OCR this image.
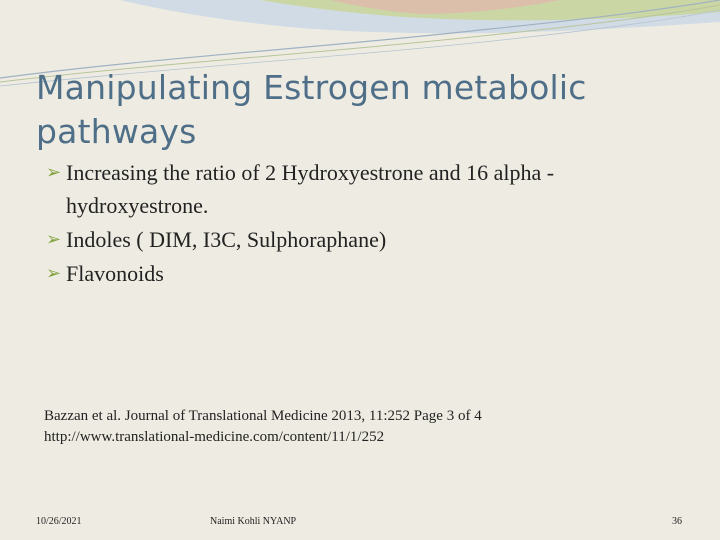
Manipulating Estrogen metabolic
pathways
➢ Increasing the ratio of 2 Hydroxyestrone and 16 alpha -hydroxyestrone.
➢ Indoles ( DIM, I3C, Sulphoraphane)
➢ Flavonoids
Bazzan et al. Journal of Translational Medicine 2013, 11:252 Page 3 of 4
http://www.translational-medicine.com/content/11/1/252
10/26/2021	Naimi Kohli NYANP	36
